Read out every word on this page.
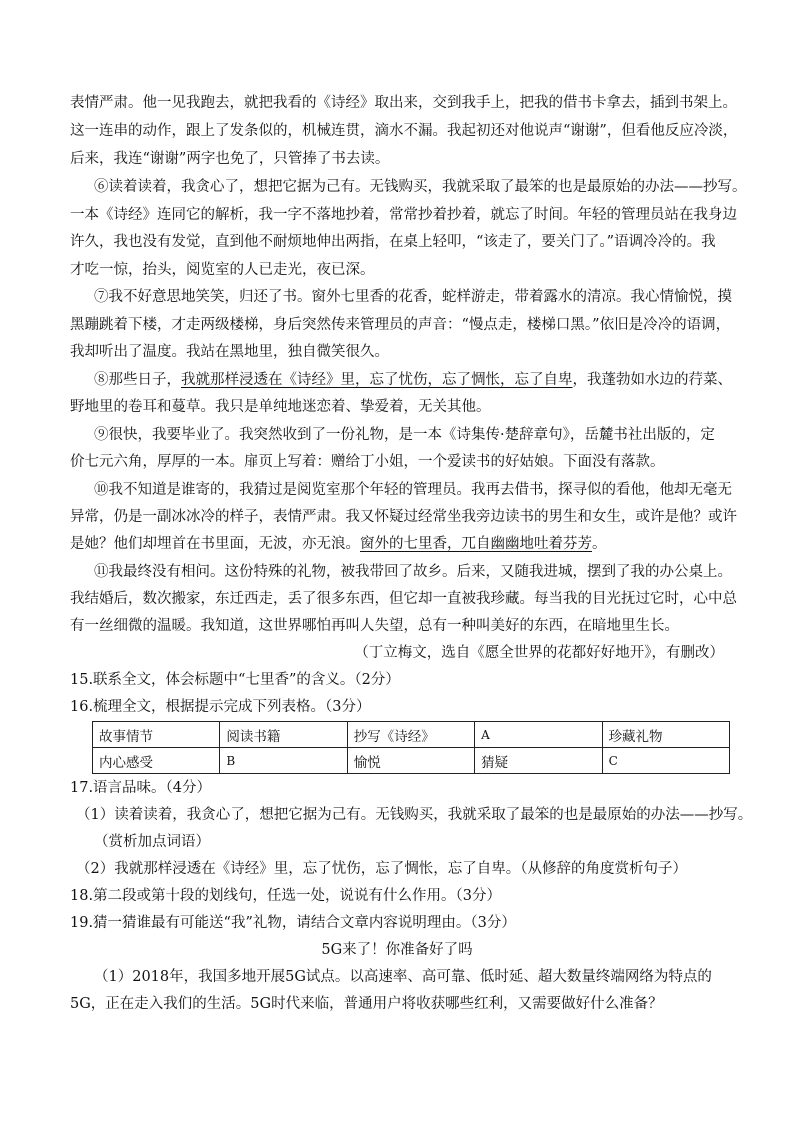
表情严肃。他一见我跑去，就把我看的《诗经》取出来，交到我手上，把我的借书卡拿去，插到书架上。
这一连串的动作，跟上了发条似的，机械连贯，滴水不漏。我起初还对他说声“谢谢”，但看他反应冷淡，
后来，我连“谢谢”两字也免了，只管捧了书去读。
⑥读着读着，我贪心了，想把它据为己有。无钱购买，我就采取了最笨的也是最原始的办法——抄写。
一本《诗经》连同它的解析，我一字不落地抄着，常常抄着抄着，就忘了时间。年轻的管理员站在我身边
许久，我也没有发觉，直到他不耐烦地伸出两指，在桌上轻叩，“该走了，要关门了。”语调冷冷的。我
才吃一惊，抬头，阅览室的人已走光，夜已深。
⑦我不好意思地笑笑，归还了书。窗外七里香的花香，蛇样游走，带着露水的清凉。我心情愉悦，摸
黑蹦跳着下楼，才走两级楼梯，身后突然传来管理员的声音：“慢点走，楼梯口黑。”依旧是冷冷的语调，
我却听出了温度。我站在黑地里，独自微笑很久。
⑧那些日子，我就那样浸透在《诗经》里，忘了忧伤，忘了惆怅，忘了自卑，我蓬勃如水边的荇菜、
野地里的卷耳和蔓草。我只是单纯地迷恋着、挚爱着，无关其他。
⑨很快，我要毕业了。我突然收到了一份礼物，是一本《诗集传·楚辞章句》，岳麓书社出版的，定
价七元六角，厚厚的一本。扉页上写着：赠给丁小姐，一个爱读书的好姑娘。下面没有落款。
⑩我不知道是谁寄的，我猜过是阅览室那个年轻的管理员。我再去借书，探寻似的看他，他却无毫无
异常，仍是一副冰冰冷的样子，表情严肃。我又怀疑过经常坐我旁边读书的男生和女生，或许是他？或许
是她？他们却埋首在书里面，无波，亦无浪。窗外的七里香，兀自幽幽地吐着芬芳。
⑪我最终没有相问。这份特殊的礼物，被我带回了故乡。后来，又随我进城，摆到了我的办公桌上。
我结婚后，数次搬家，东迁西走，丢了很多东西，但它却一直被我珍藏。每当我的目光抚过它时，心中总
有一丝细微的温暖。我知道，这世界哪怕再叫人失望，总有一种叫美好的东西，在暗地里生长。
（丁立梅文，选自《愿全世界的花都好好地开》，有删改）
15.联系全文，体会标题中“七里香”的含义。（2分）
16.梳理全文，根据提示完成下列表格。（3分）
故事情节	阅读书籍	抄写《诗经》	A	珍藏礼物
内心感受	B	愉悦	猜疑	C
17.语言品味。（4分）
（1）读着读着，我贪心了，想把它据为己有。无钱购买，我就采取了最笨的也是最原始的办法——抄写。
（赏析加点词语）
（2）我就那样浸透在《诗经》里，忘了忧伤，忘了惆怅，忘了自卑。（从修辞的角度赏析句子）
18.第二段或第十段的划线句，任选一处，说说有什么作用。（3分）
19.猜一猜谁最有可能送“我”礼物，请结合文章内容说明理由。（3分）
5G来了！你准备好了吗
（1）2018年，我国多地开展5G试点。以高速率、高可靠、低时延、超大数量终端网络为特点的
5G，正在走入我们的生活。5G时代来临，普通用户将收获哪些红利，又需要做好什么准备？
